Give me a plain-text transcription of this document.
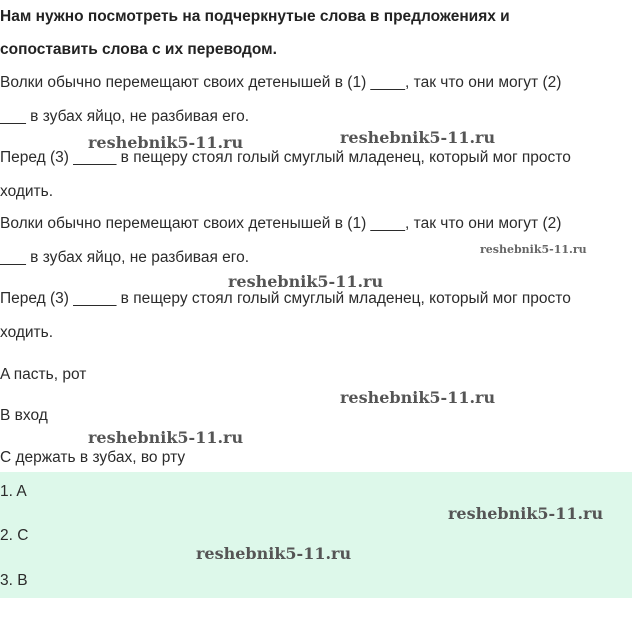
Нам нужно посмотреть на подчеркнутые слова в предложениях и
сопоставить слова с их переводом.
Волки обычно перемещают своих детенышей в (1) ____, так что они могут (2)
___ в зубах яйцо, не разбивая его.
Перед (3) _____ в пещеру стоял голый смуглый младенец, который мог просто
ходить.
Волки обычно перемещают своих детенышей в (1) ____, так что они могут (2)
___ в зубах яйцо, не разбивая его.
Перед (3) _____ в пещеру стоял голый смуглый младенец, который мог просто
ходить.
A пасть, рот
B вход
C держать в зубах, во рту
1. A
2. C
3. B
reshebnik5-11.ru	reshebnik5-11.ru
reshebnik5-11.ru
reshebnik5-11.ru
reshebnik5-11.ru
reshebnik5-11.ru
reshebnik5-11.ru
reshebnik5-11.ru
